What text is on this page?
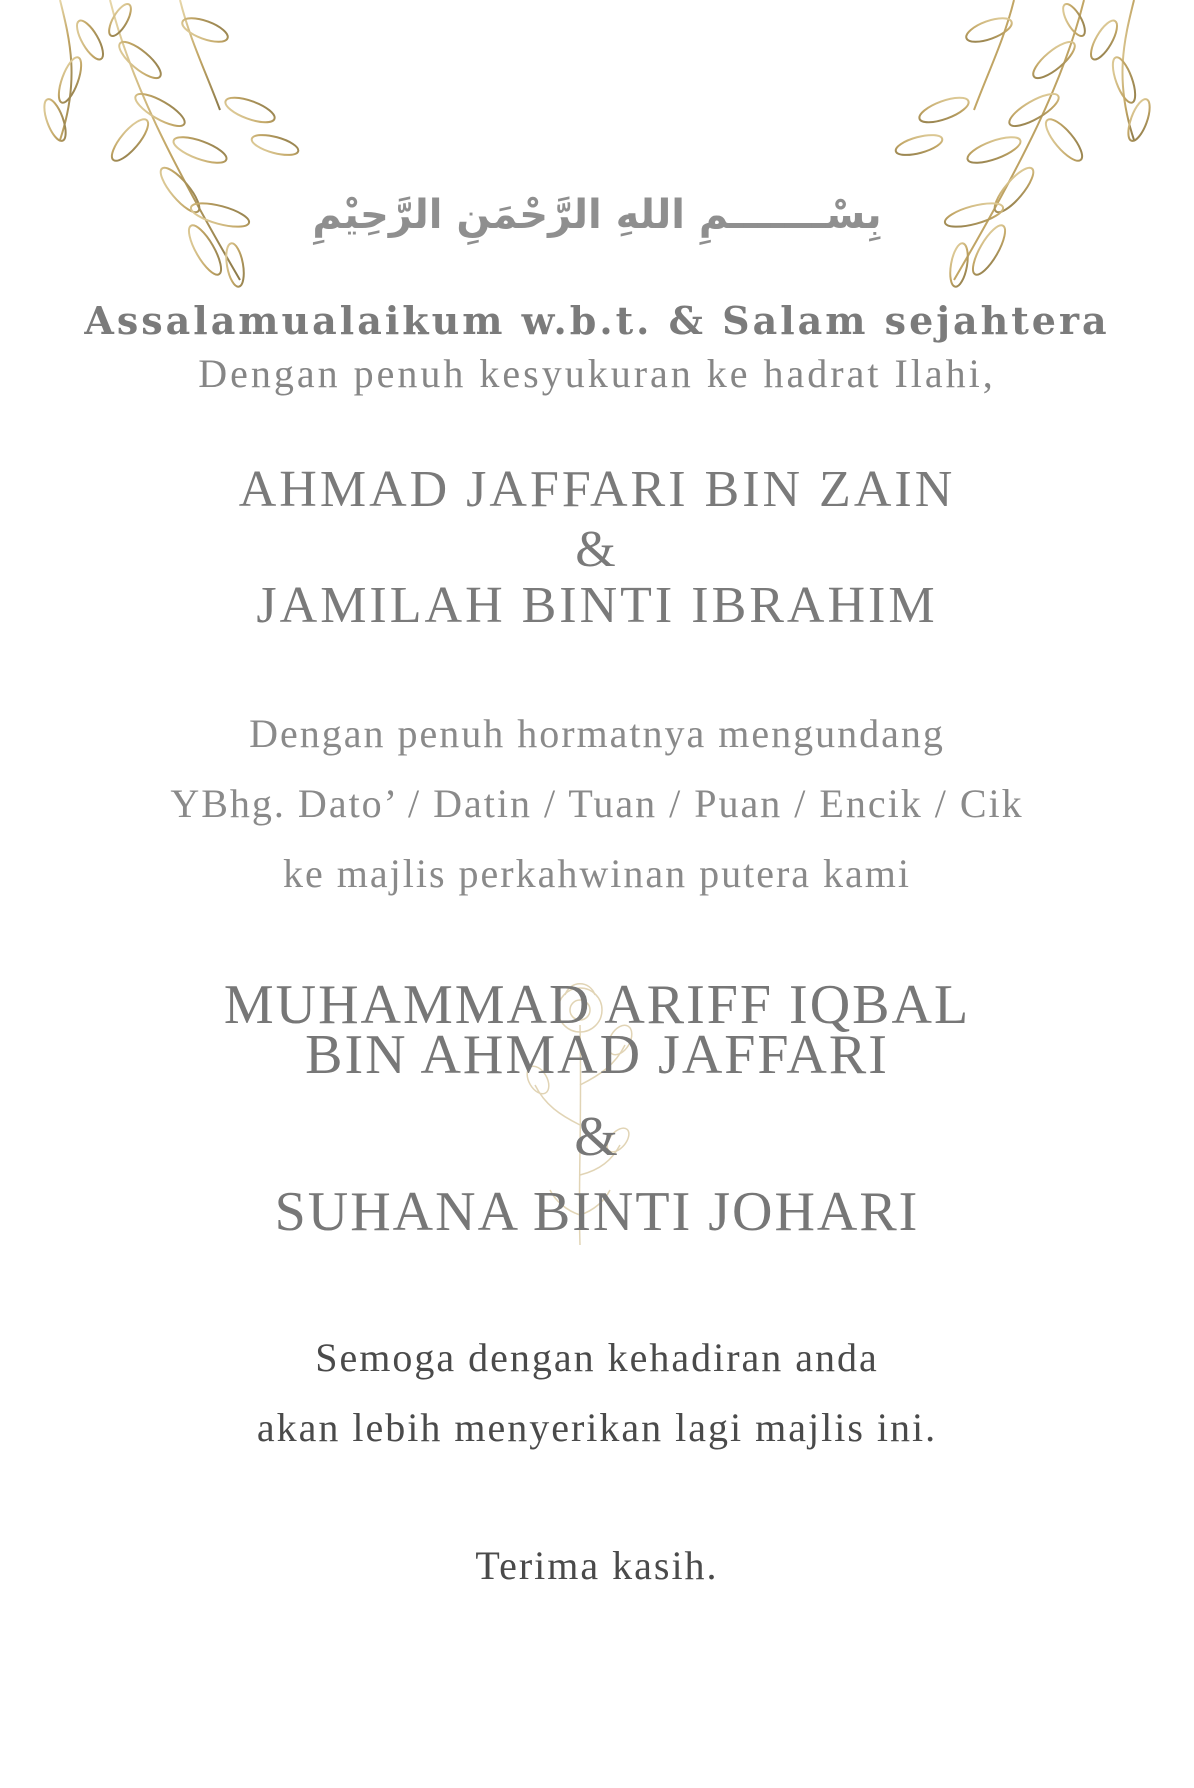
بِسْـــــــمِ اللهِ الرَّحْمَنِ الرَّحِيْمِ
Assalamualaikum w.b.t. & Salam sejahtera
Dengan penuh kesyukuran ke hadrat Ilahi,
AHMAD JAFFARI BIN ZAIN
&
JAMILAH BINTI IBRAHIM
Dengan penuh hormatnya mengundang
YBhg. Dato’ / Datin / Tuan / Puan / Encik / Cik
ke majlis perkahwinan putera kami
MUHAMMAD ARIFF IQBAL
BIN AHMAD JAFFARI
&
SUHANA BINTI JOHARI
Semoga dengan kehadiran anda
akan lebih menyerikan lagi majlis ini.
Terima kasih.
